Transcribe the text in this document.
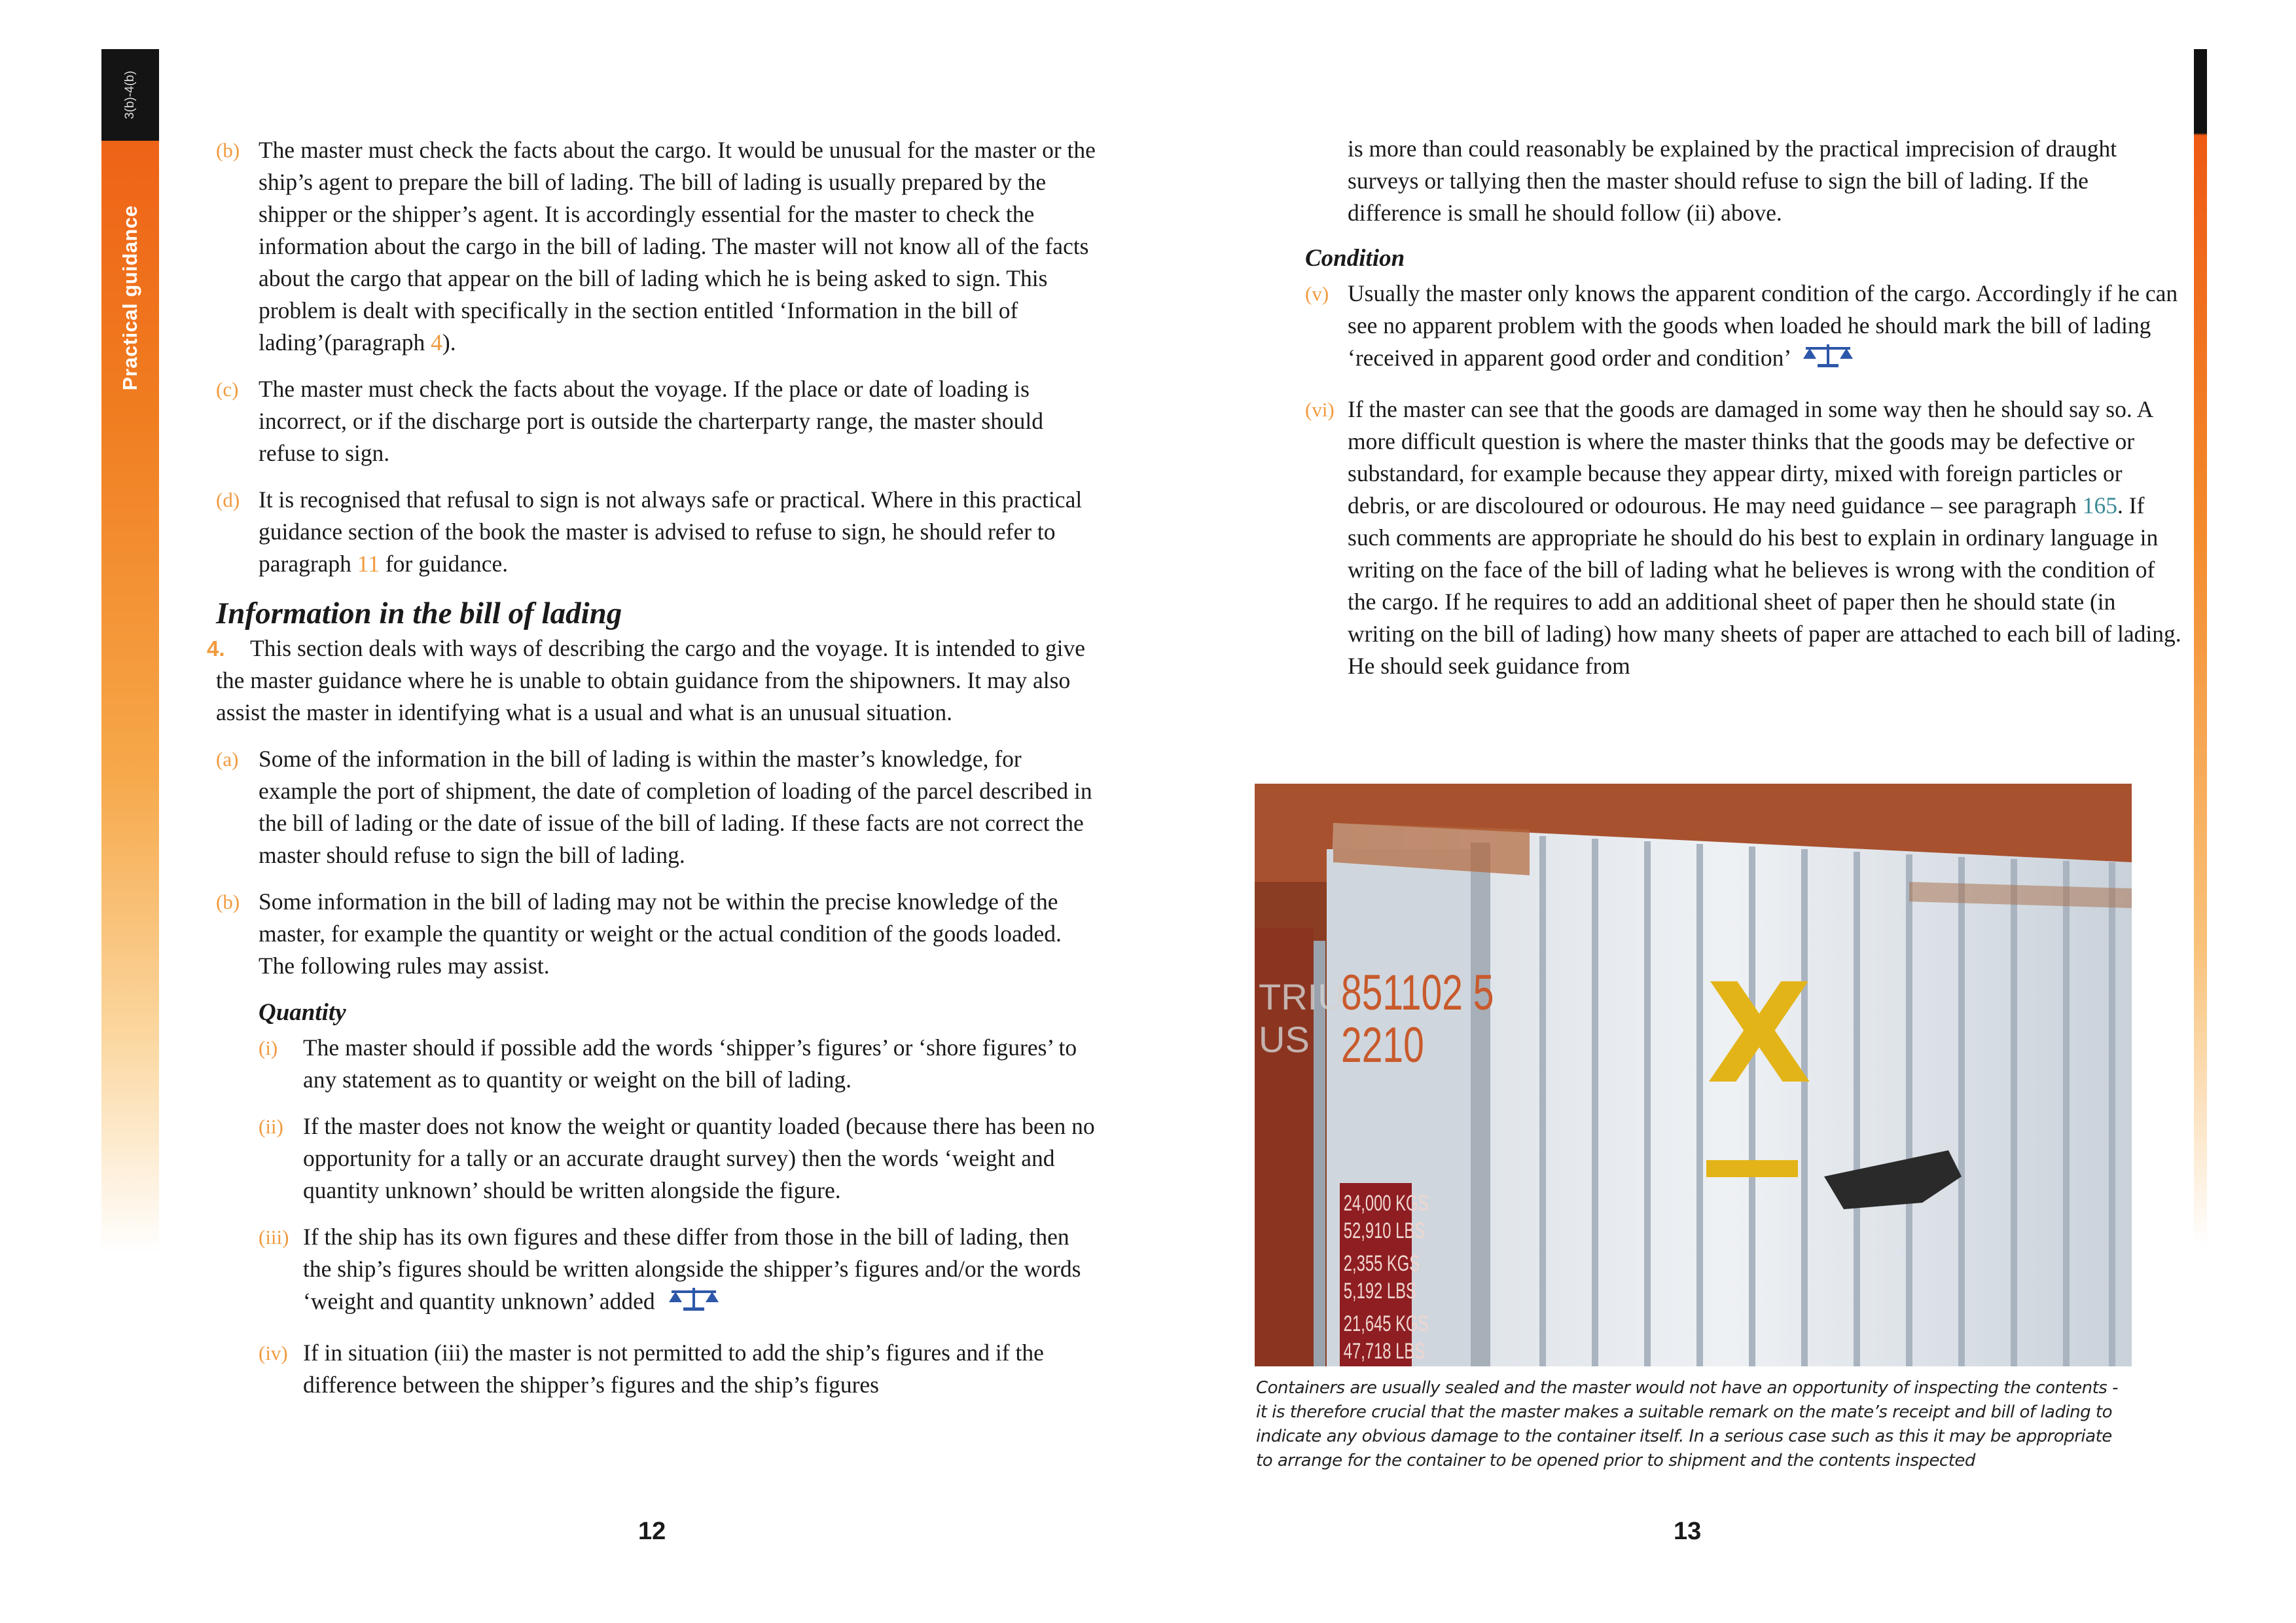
3(b)-4(b)
Practical guidance
(b) The master must check the facts about the cargo. It would be unusual for the master or the ship’s agent to prepare the bill of lading. The bill of lading is usually prepared by the shipper or the shipper’s agent. It is accordingly essential for the master to check the information about the cargo in the bill of lading. The master will not know all of the facts about the cargo that appear on the bill of lading which he is being asked to sign. This problem is dealt with specifically in the section entitled ‘Information in the bill of lading’(paragraph 4).
(c) The master must check the facts about the voyage. If the place or date of loading is incorrect, or if the discharge port is outside the charterparty range, the master should refuse to sign.
(d) It is recognised that refusal to sign is not always safe or practical. Where in this practical guidance section of the book the master is advised to refuse to sign, he should refer to paragraph 11 for guidance.
Information in the bill of lading
4. This section deals with ways of describing the cargo and the voyage. It is intended to give the master guidance where he is unable to obtain guidance from the shipowners. It may also assist the master in identifying what is a usual and what is an unusual situation.
(a) Some of the information in the bill of lading is within the master’s knowledge, for example the port of shipment, the date of completion of loading of the parcel described in the bill of lading or the date of issue of the bill of lading. If these facts are not correct the master should refuse to sign the bill of lading.
(b) Some information in the bill of lading may not be within the precise knowledge of the master, for example the quantity or weight or the actual condition of the goods loaded. The following rules may assist.
Quantity
(i) The master should if possible add the words ‘shipper’s figures’ or ‘shore figures’ to any statement as to quantity or weight on the bill of lading.
(ii) If the master does not know the weight or quantity loaded (because there has been no opportunity for a tally or an accurate draught survey) then the words ‘weight and quantity unknown’ should be written alongside the figure.
(iii) If the ship has its own figures and these differ from those in the bill of lading, then the ship’s figures should be written alongside the shipper’s figures and/or the words ‘weight and quantity unknown’ added
(iv) If in situation (iii) the master is not permitted to add the ship’s figures and if the difference between the shipper’s figures and the ship’s figures
12
is more than could reasonably be explained by the practical imprecision of draught surveys or tallying then the master should refuse to sign the bill of lading. If the difference is small he should follow (ii) above.
Condition
(v) Usually the master only knows the apparent condition of the cargo. Accordingly if he can see no apparent problem with the goods when loaded he should mark the bill of lading ‘received in apparent good order and condition’
(vi) If the master can see that the goods are damaged in some way then he should say so. A more difficult question is where the master thinks that the goods may be defective or substandard, for example because they appear dirty, mixed with foreign particles or debris, or are discoloured or odourous. He may need guidance – see paragraph 165. If such comments are appropriate he should do his best to explain in ordinary language in writing on the face of the bill of lading what he believes is wrong with the condition of the cargo. If he requires to add an additional sheet of paper then he should state (in writing on the bill of lading) how many sheets of paper are attached to each bill of lading. He should seek guidance from
X
851102 5
2210
TRIU
US
24,000 KGS
52,910 LBS
2,355 KGS
5,192 LBS
21,645 KGS
47,718 LBS
Containers are usually sealed and the master would not have an opportunity of inspecting the contents - it is therefore crucial that the master makes a suitable remark on the mate’s receipt and bill of lading to indicate any obvious damage to the container itself. In a serious case such as this it may be appropriate to arrange for the container to be opened prior to shipment and the contents inspected
13
